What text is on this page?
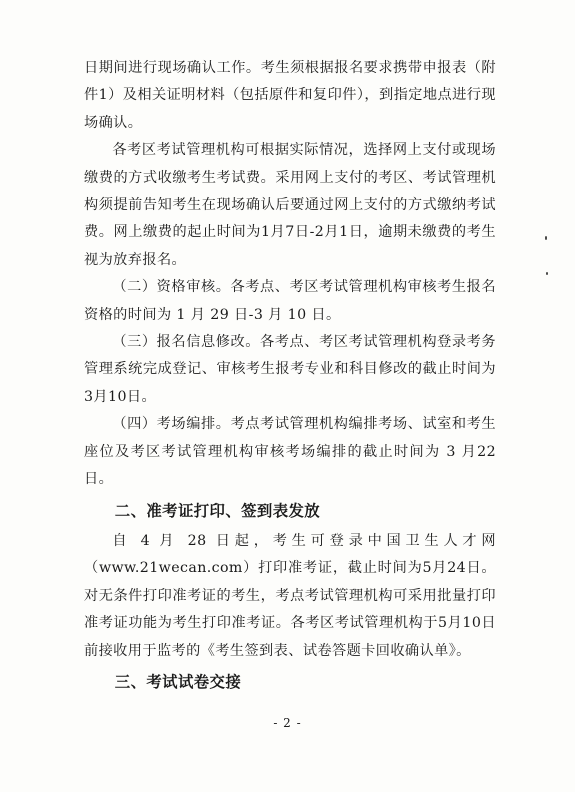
日期间进行现场确认工作。考生须根据报名要求携带申报表（附件1）及相关证明材料（包括原件和复印件），到指定地点进行现场确认。

各考区考试管理机构可根据实际情况，选择网上支付或现场缴费的方式收缴考生考试费。采用网上支付的考区、考试管理机构须提前告知考生在现场确认后要通过网上支付的方式缴纳考试费。网上缴费的起止时间为1月7日-2月1日，逾期未缴费的考生视为放弃报名。

（二）资格审核。各考点、考区考试管理机构审核考生报名资格的时间为 1 月 29 日-3 月 10 日。

（三）报名信息修改。各考点、考区考试管理机构登录考务管理系统完成登记、审核考生报考专业和科目修改的截止时间为3月10日。

（四）考场编排。考点考试管理机构编排考场、试室和考生座位及考区考试管理机构审核考场编排的截止时间为 3 月22日。

二、准考证打印、签到表发放

自 4 月 28 日起，考生可登录中国卫生人才网（www.21wecan.com）打印准考证，截止时间为5月24日。对无条件打印准考证的考生，考点考试管理机构可采用批量打印准考证功能为考生打印准考证。各考区考试管理机构于5月10日前接收用于监考的《考生签到表、试卷答题卡回收确认单》。

三、考试试卷交接
- 2 -
